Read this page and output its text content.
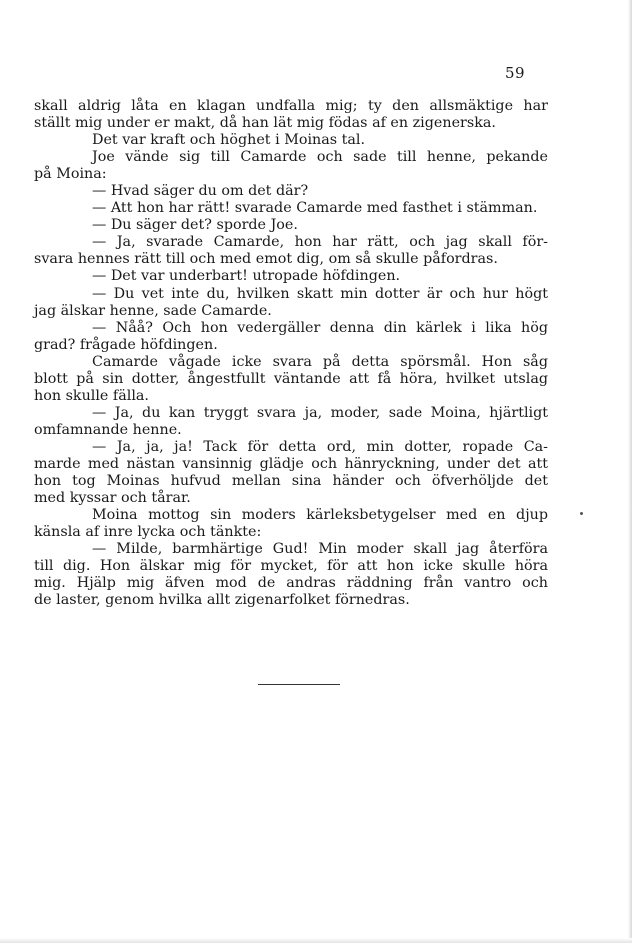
59
skall aldrig låta en klagan undfalla mig; ty den allsmäktige har
ställt mig under er makt, då han lät mig födas af en zigenerska.
Det var kraft och höghet i Moinas tal.
Joe vände sig till Camarde och sade till henne, pekande
på Moina:
— Hvad säger du om det där?
— Att hon har rätt! svarade Camarde med fasthet i stämman.
— Du säger det? sporde Joe.
— Ja, svarade Camarde, hon har rätt, och jag skall för-
svara hennes rätt till och med emot dig, om så skulle påfordras.
— Det var underbart! utropade höfdingen.
— Du vet inte du, hvilken skatt min dotter är och hur högt
jag älskar henne, sade Camarde.
— Nåå? Och hon vedergäller denna din kärlek i lika hög
grad? frågade höfdingen.
Camarde vågade icke svara på detta spörsmål. Hon såg
blott på sin dotter, ångestfullt väntande att få höra, hvilket utslag
hon skulle fälla.
— Ja, du kan tryggt svara ja, moder, sade Moina, hjärtligt
omfamnande henne.
— Ja, ja, ja! Tack för detta ord, min dotter, ropade Ca-
marde med nästan vansinnig glädje och hänryckning, under det att
hon tog Moinas hufvud mellan sina händer och öfverhöljde det
med kyssar och tårar.
Moina mottog sin moders kärleksbetygelser med en djup
känsla af inre lycka och tänkte:
— Milde, barmhärtige Gud! Min moder skall jag återföra
till dig. Hon älskar mig för mycket, för att hon icke skulle höra
mig. Hjälp mig äfven mod de andras räddning från vantro och
de laster, genom hvilka allt zigenarfolket förnedras.
